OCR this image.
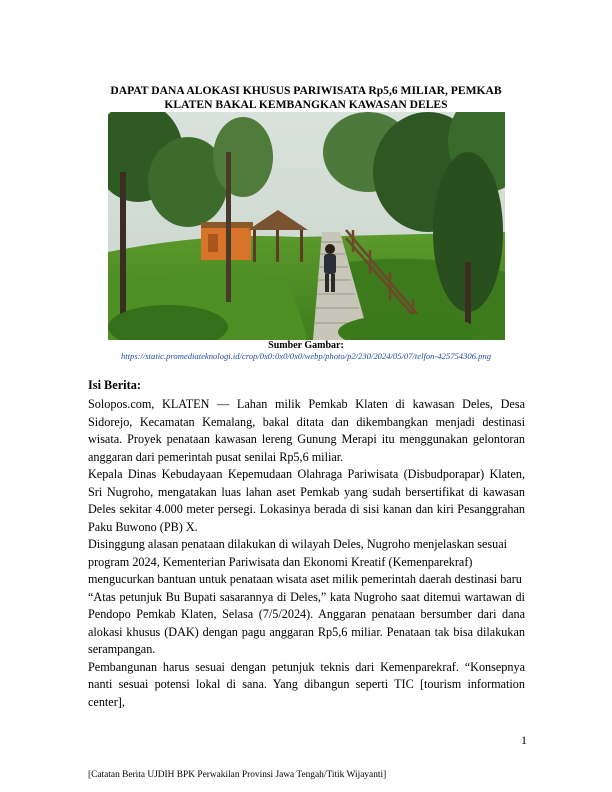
DAPAT DANA ALOKASI KHUSUS PARIWISATA Rp5,6 MILIAR, PEMKAB
KLATEN BAKAL KEMBANGKAN KAWASAN DELES
Sumber Gambar:
https://static.promediateknologi.id/crop/0x0:0x0/0x0/webp/photo/p2/230/2024/05/07/telfon-425754306.png
Isi Berita:

Solopos.com, KLATEN — Lahan milik Pemkab Klaten di kawasan Deles, Desa Sidorejo, Kecamatan Kemalang, bakal ditata dan dikembangkan menjadi destinasi wisata. Proyek penataan kawasan lereng Gunung Merapi itu menggunakan gelontoran anggaran dari pemerintah pusat senilai Rp5,6 miliar.

Kepala Dinas Kebudayaan Kepemudaan Olahraga Pariwisata (Disbudporapar) Klaten, Sri Nugroho, mengatakan luas lahan aset Pemkab yang sudah bersertifikat di kawasan Deles sekitar 4.000 meter persegi. Lokasinya berada di sisi kanan dan kiri Pesanggrahan Paku Buwono (PB) X.

Disinggung alasan penataan dilakukan di wilayah Deles, Nugroho menjelaskan sesuai program 2024, Kementerian Pariwisata dan Ekonomi Kreatif (Kemenparekraf) mengucurkan bantuan untuk penataan wisata aset milik pemerintah daerah destinasi baru

“Atas petunjuk Bu Bupati sasarannya di Deles,” kata Nugroho saat ditemui wartawan di Pendopo Pemkab Klaten, Selasa (7/5/2024). Anggaran penataan bersumber dari dana alokasi khusus (DAK) dengan pagu anggaran Rp5,6 miliar. Penataan tak bisa dilakukan serampangan.

Pembangunan harus sesuai dengan petunjuk teknis dari Kemenparekraf. “Konsepnya nanti sesuai potensi lokal di sana. Yang dibangun seperti TIC [tourism information center],

1
[Catatan Berita UJDIH BPK Perwakilan Provinsi Jawa Tengah/Titik Wijayanti]
